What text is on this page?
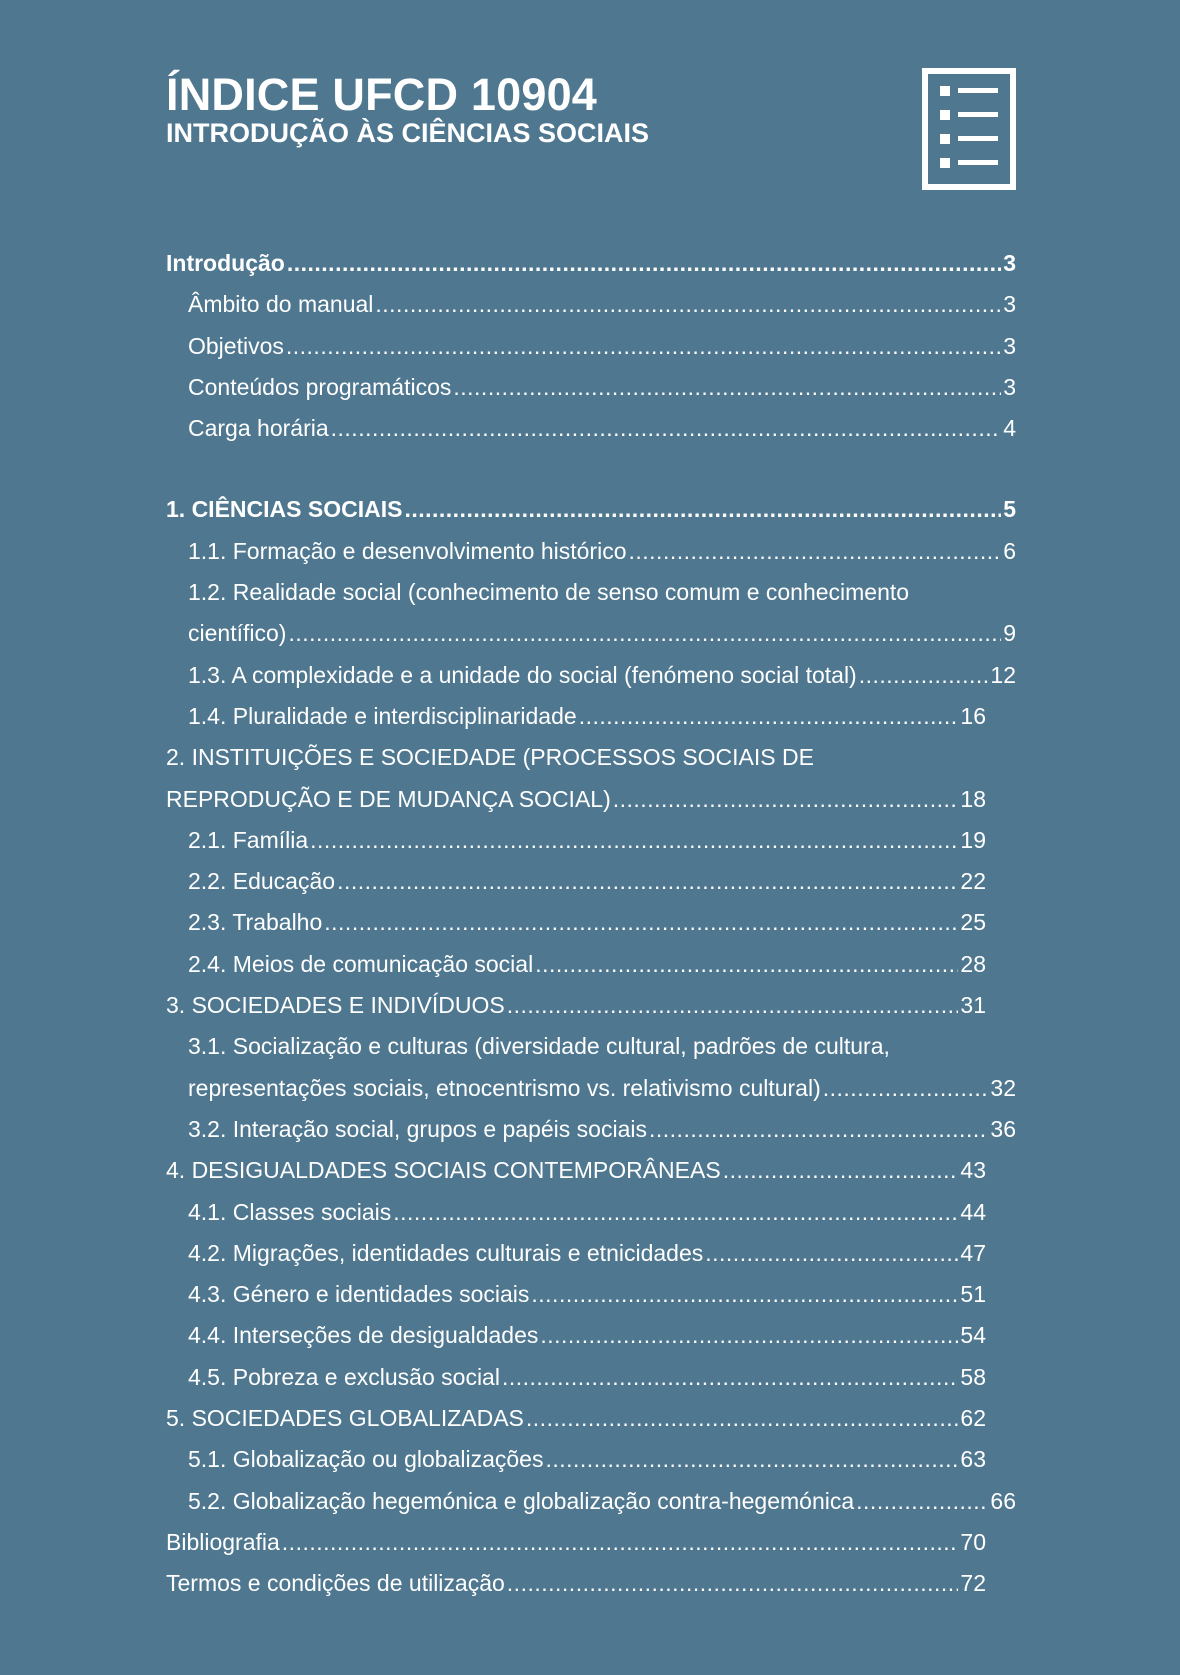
ÍNDICE UFCD 10904
INTRODUÇÃO ÀS CIÊNCIAS SOCIAIS
Introdução .....	3
Âmbito do manual .....	3
Objetivos .....	3
Conteúdos programáticos .....	3
Carga horária .....	4
1. CIÊNCIAS SOCIAIS .....	5
1.1. Formação e desenvolvimento histórico .....	6
1.2. Realidade social (conhecimento de senso comum e conhecimento
científico) .....	9
1.3. A complexidade e a unidade do social (fenómeno social total) .....	12
1.4. Pluralidade e interdisciplinaridade .....	16
2. INSTITUIÇÕES E SOCIEDADE (PROCESSOS SOCIAIS DE
REPRODUÇÃO E DE MUDANÇA SOCIAL) .....	18
2.1. Família .....	19
2.2. Educação .....	22
2.3. Trabalho .....	25
2.4. Meios de comunicação social .....	28
3. SOCIEDADES E INDIVÍDUOS .....	31
3.1. Socialização e culturas (diversidade cultural, padrões de cultura,
representações sociais, etnocentrismo vs. relativismo cultural) .....	32
3.2. Interação social, grupos e papéis sociais .....	36
4. DESIGUALDADES SOCIAIS CONTEMPORÂNEAS .....	43
4.1. Classes sociais .....	44
4.2. Migrações, identidades culturais e etnicidades .....	47
4.3. Género e identidades sociais .....	51
4.4. Interseções de desigualdades .....	54
4.5. Pobreza e exclusão social .....	58
5. SOCIEDADES GLOBALIZADAS .....	62
5.1. Globalização ou globalizações .....	63
5.2. Globalização hegemónica e globalização contra-hegemónica .....	66
Bibliografia .....	70
Termos e condições de utilização .....	72
